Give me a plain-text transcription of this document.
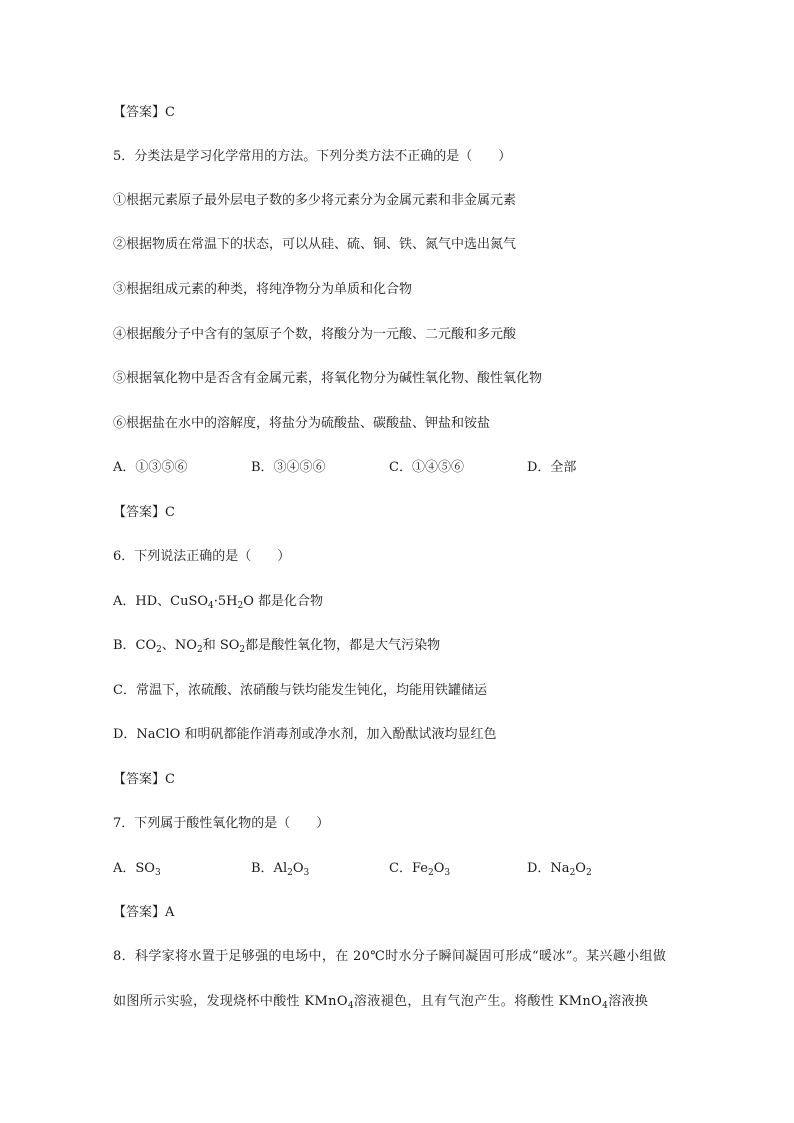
【答案】C
5．分类法是学习化学常用的方法。下列分类方法不正确的是（　　）
①根据元素原子最外层电子数的多少将元素分为金属元素和非金属元素
②根据物质在常温下的状态，可以从硅、硫、铜、铁、氮气中选出氮气
③根据组成元素的种类，将纯净物分为单质和化合物
④根据酸分子中含有的氢原子个数，将酸分为一元酸、二元酸和多元酸
⑤根据氧化物中是否含有金属元素，将氧化物分为碱性氧化物、酸性氧化物
⑥根据盐在水中的溶解度，将盐分为硫酸盐、碳酸盐、钾盐和铵盐
A．①③⑤⑥	B．③④⑤⑥	C．①④⑤⑥	D．全部
【答案】C
6．下列说法正确的是（　　）
A．HD、$CuSO_4\cdot 5H_2O$ 都是化合物
B．$CO_2$、$NO_2$和 $SO_2$都是酸性氧化物，都是大气污染物
C．常温下，浓硫酸、浓硝酸与铁均能发生钝化，均能用铁罐储运
D．NaClO 和明矾都能作消毒剂或净水剂，加入酚酞试液均显红色
【答案】C
7．下列属于酸性氧化物的是（　　）
A．$SO_3$	B．$Al_2O_3$	C．$Fe_2O_3$	D．$Na_2O_2$
【答案】A
8．科学家将水置于足够强的电场中，在 20℃时水分子瞬间凝固可形成“暖冰”。某兴趣小组做
如图所示实验，发现烧杯中酸性 KMnO$_4$溶液褪色，且有气泡产生。将酸性 KMnO$_4$溶液换
